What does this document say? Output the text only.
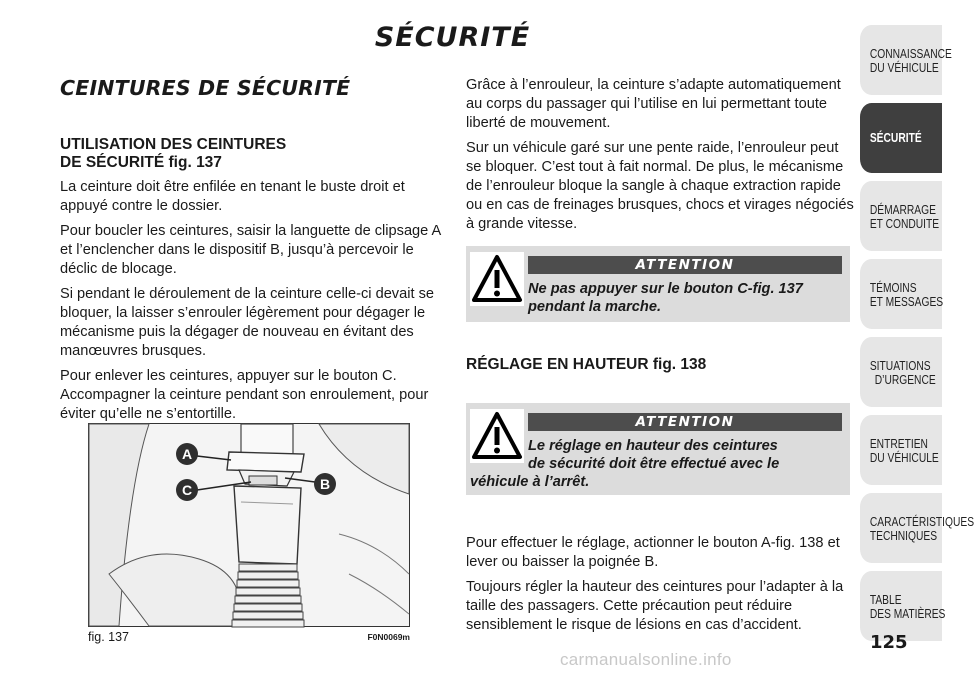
SÉCURITÉ
CEINTURES DE SÉCURITÉ
UTILISATION DES CEINTURES
DE SÉCURITÉ fig. 137

La ceinture doit être enfilée en tenant le buste droit et appuyé contre le dossier.

Pour boucler les ceintures, saisir la languette de clipsage A et l’enclencher dans le dispositif B, jusqu’à percevoir le déclic de blocage.

Si pendant le déroulement de la ceinture celle-ci devait se bloquer, la laisser s’enrouler légèrement pour dégager le mécanisme puis la dégager de nouveau en évitant des manœuvres brusques.

Pour enlever les ceintures, appuyer sur le bouton C. Accompagner la ceinture pendant son enroulement, pour éviter qu’elle ne s’entortille.

A
C	B
fig. 137	F0N0069m

Grâce à l’enrouleur, la ceinture s’adapte automatiquement au corps du passager qui l’utilise en lui permettant toute liberté de mouvement.

Sur un véhicule garé sur une pente raide, l’enrouleur peut se bloquer. C’est tout à fait normal. De plus, le mécanisme de l’enrouleur bloque la sangle à chaque extraction rapide ou en cas de freinages brusques, chocs et virages négociés à grande vitesse.

ATTENTION
Ne pas appuyer sur le bouton C-fig. 137 pendant la marche.
RÉGLAGE EN HAUTEUR fig. 138
ATTENTION
Le réglage en hauteur des ceintures
de sécurité doit être effectué avec le
véhicule à l’arrêt.

Pour effectuer le réglage, actionner le bouton A-fig. 138 et lever ou baisser la poignée B.

Toujours régler la hauteur des ceintures pour l’adapter à la taille des passagers. Cette précaution peut réduire sensiblement le risque de lésions en cas d’accident.

CONNAISSANCE
DU VÉHICULE
SÉCURITÉ
DÉMARRAGE
ET CONDUITE
TÉMOINS
ET MESSAGES
SITUATIONS
D’URGENCE
ENTRETIEN
DU VÉHICULE
CARACTÉRISTIQUES
TECHNIQUES
TABLE
DES MATIÈRES
125
carmanualsonline.info
